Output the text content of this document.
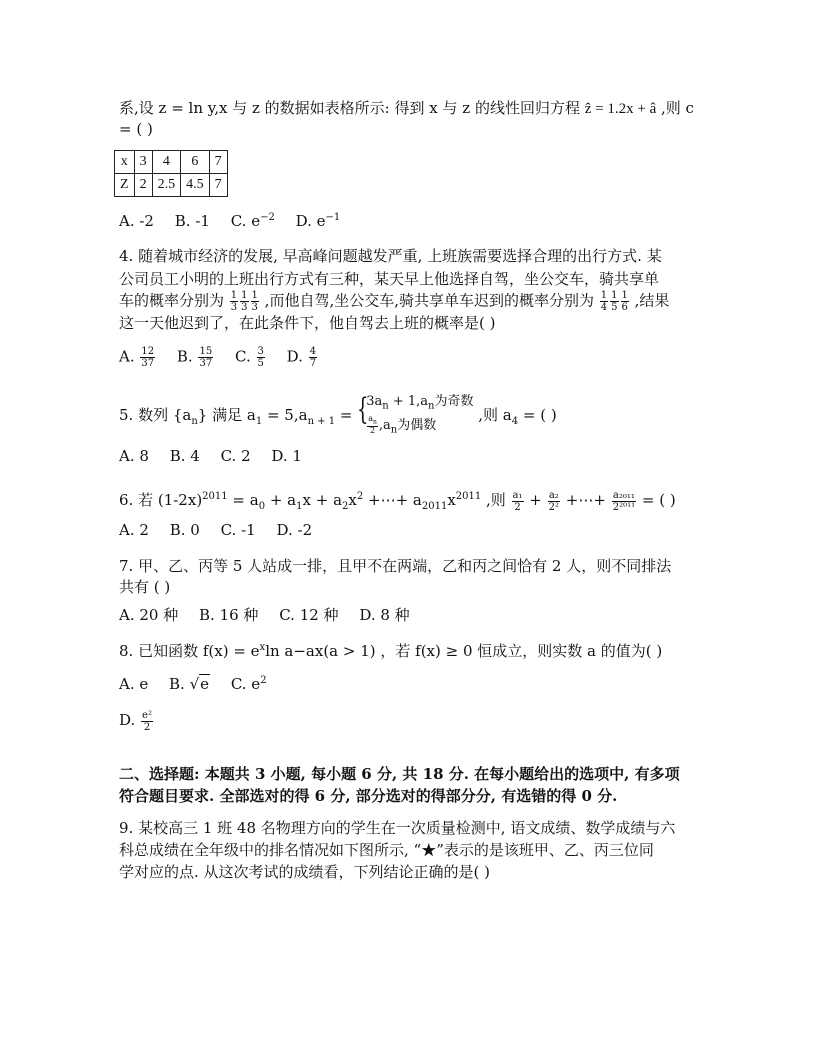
系,设 z = ln y,x 与 z 的数据如表格所示: 得到 x 与 z 的线性回归方程 ẑ = 1.2x + â ,则 c
= ( )
x	3	4	6	7
Z	2	2.5	4.5	7
A. -2 B. -1 C. $e^{-2}$ D. $e^{-1}$
4. 随着城市经济的发展, 早高峰问题越发严重, 上班族需要选择合理的出行方式. 某
公司员工小明的上班出行方式有三种，某天早上他选择自驾，坐公交车，骑共享单
车的概率分别为 $\frac{1}{3} \frac{1}{3} \frac{1}{3}$ ,而他自驾,坐公交车,骑共享单车迟到的概率分别为 $\frac{1}{4} \frac{1}{5} \frac{1}{6}$ ,结果
这一天他迟到了，在此条件下，他自驾去上班的概率是( )
A. $\frac{12}{37} B$. $\frac{15}{37} C$. $\frac{3}{5} D$. $\frac{4}{7}$
5. 数列 $\{a_n\}$ 满足 $a_1 = 5,a_{n + 1}$ = {
$3a_n + 1,a_n$为奇数
$\frac{a_n}{2} ,a_n$为偶数
,则 $a_4$ = ( )
A. 8 B. 4 C. 2 D. 1
6. 若 $(1-2x)^{2011} = a_0 + a_1x + a_2x^2$ +⋯+ $a_{2011}x^{2011}$ ,则 $\frac{\text{a₁}}{2} + \frac{\text{a₂}}{\text{2²}}$ +⋯+ $\frac{\text{a₂₀₁₁}}{\text{2²⁰¹¹}}$ = ( )
A. 2 B. 0 C. -1 D. -2
7. 甲、乙、丙等 5 人站成一排，且甲不在两端，乙和丙之间恰有 2 人，则不同排法
共有 ( )
A. 20 种 B. 16 种 C. 12 种 D. 8 种
8. 已知函数 $f(x) = e^x\ln$ a−ax(a > 1) ，若 f(x) ≥ 0 恒成立，则实数 a 的值为( )
A. e B. √e C. $e^2$
D. $\frac{\text{e²}}{2}$
二、选择题: 本题共 3 小题, 每小题 6 分, 共 18 分. 在每小题给出的选项中, 有多项
符合题目要求. 全部选对的得 6 分, 部分选对的得部分分, 有选错的得 0 分.
9. 某校高三 1 班 48 名物理方向的学生在一次质量检测中, 语文成绩、数学成绩与六
科总成绩在全年级中的排名情况如下图所示, “★”表示的是该班甲、乙、丙三位同
学对应的点. 从这次考试的成绩看，下列结论正确的是( )
